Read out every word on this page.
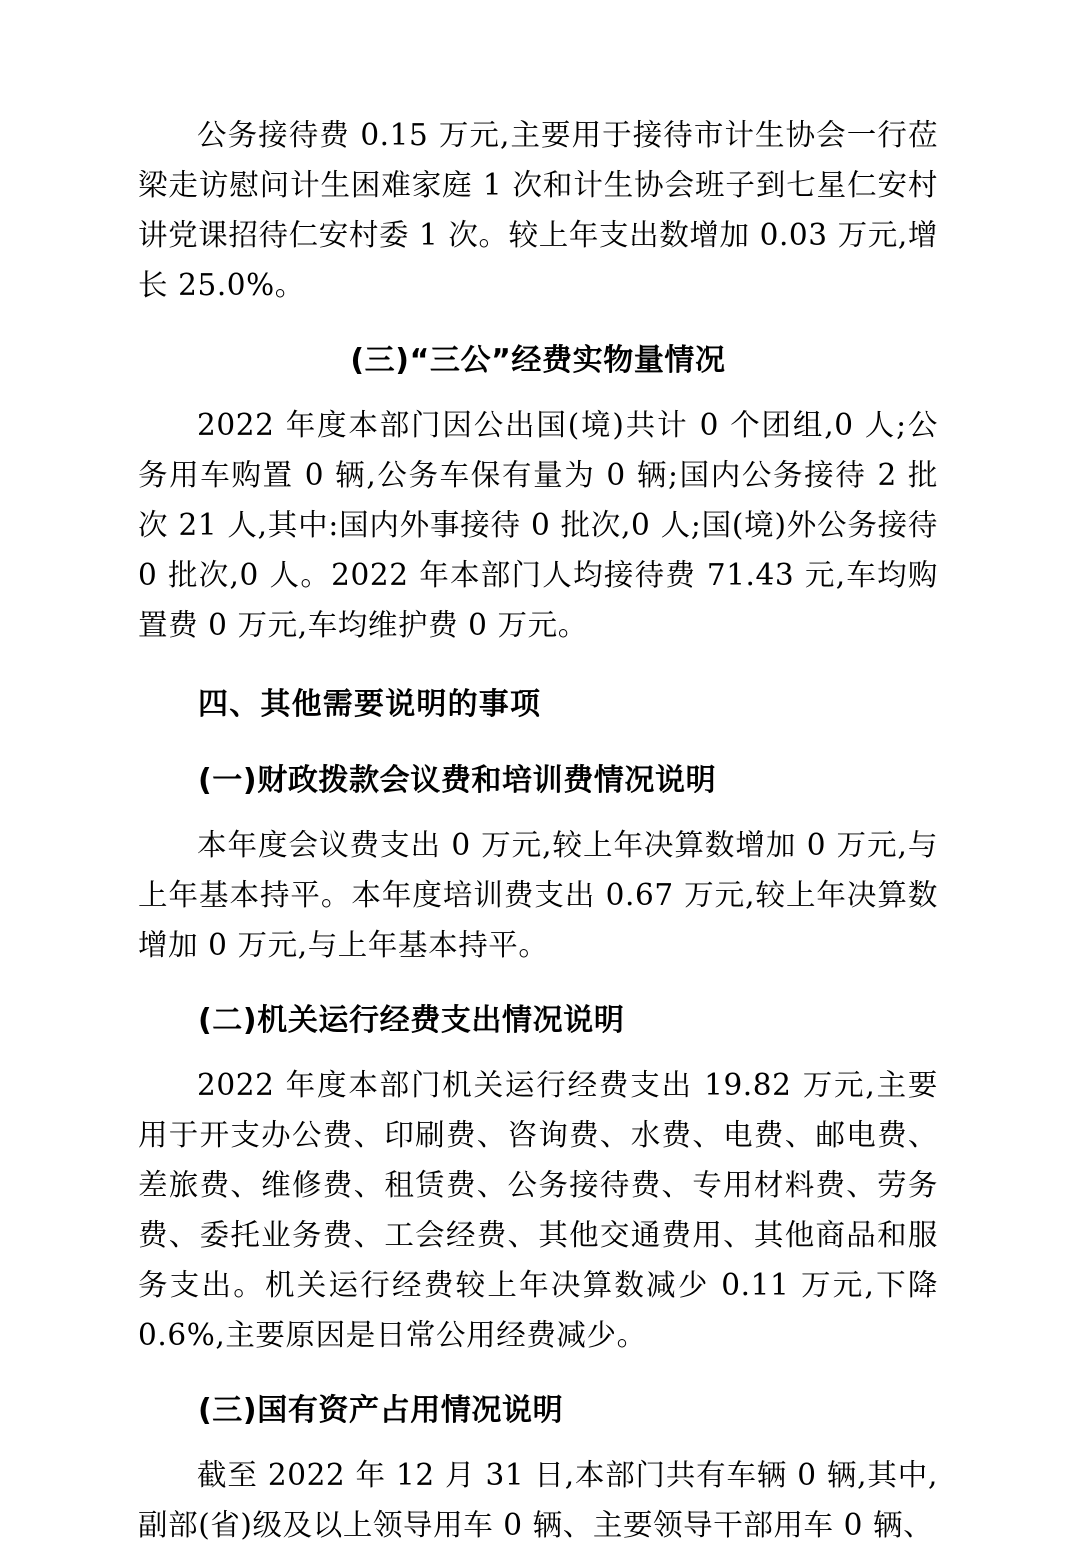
公务接待费 0.15 万元,主要用于接待市计生协会一行莅梁走访慰问计生困难家庭 1 次和计生协会班子到七星仁安村讲党课招待仁安村委 1 次。较上年支出数增加 0.03 万元,增长 25.0%。

(三)“三公”经费实物量情况

2022 年度本部门因公出国(境)共计 0 个团组,0 人;公务用车购置 0 辆,公务车保有量为 0 辆;国内公务接待 2 批次 21 人,其中:国内外事接待 0 批次,0 人;国(境)外公务接待 0 批次,0 人。2022 年本部门人均接待费 71.43 元,车均购置费 0 万元,车均维护费 0 万元。

四、其他需要说明的事项
(一)财政拨款会议费和培训费情况说明

本年度会议费支出 0 万元,较上年决算数增加 0 万元,与上年基本持平。本年度培训费支出 0.67 万元,较上年决算数增加 0 万元,与上年基本持平。

(二)机关运行经费支出情况说明

2022 年度本部门机关运行经费支出 19.82 万元,主要用于开支办公费、印刷费、咨询费、水费、电费、邮电费、差旅费、维修费、租赁费、公务接待费、专用材料费、劳务费、委托业务费、工会经费、其他交通费用、其他商品和服务支出。机关运行经费较上年决算数减少 0.11 万元,下降 0.6%,主要原因是日常公用经费减少。

(三)国有资产占用情况说明

截至 2022 年 12 月 31 日,本部门共有车辆 0 辆,其中,副部(省)级及以上领导用车 0 辆、主要领导干部用车 0 辆、
